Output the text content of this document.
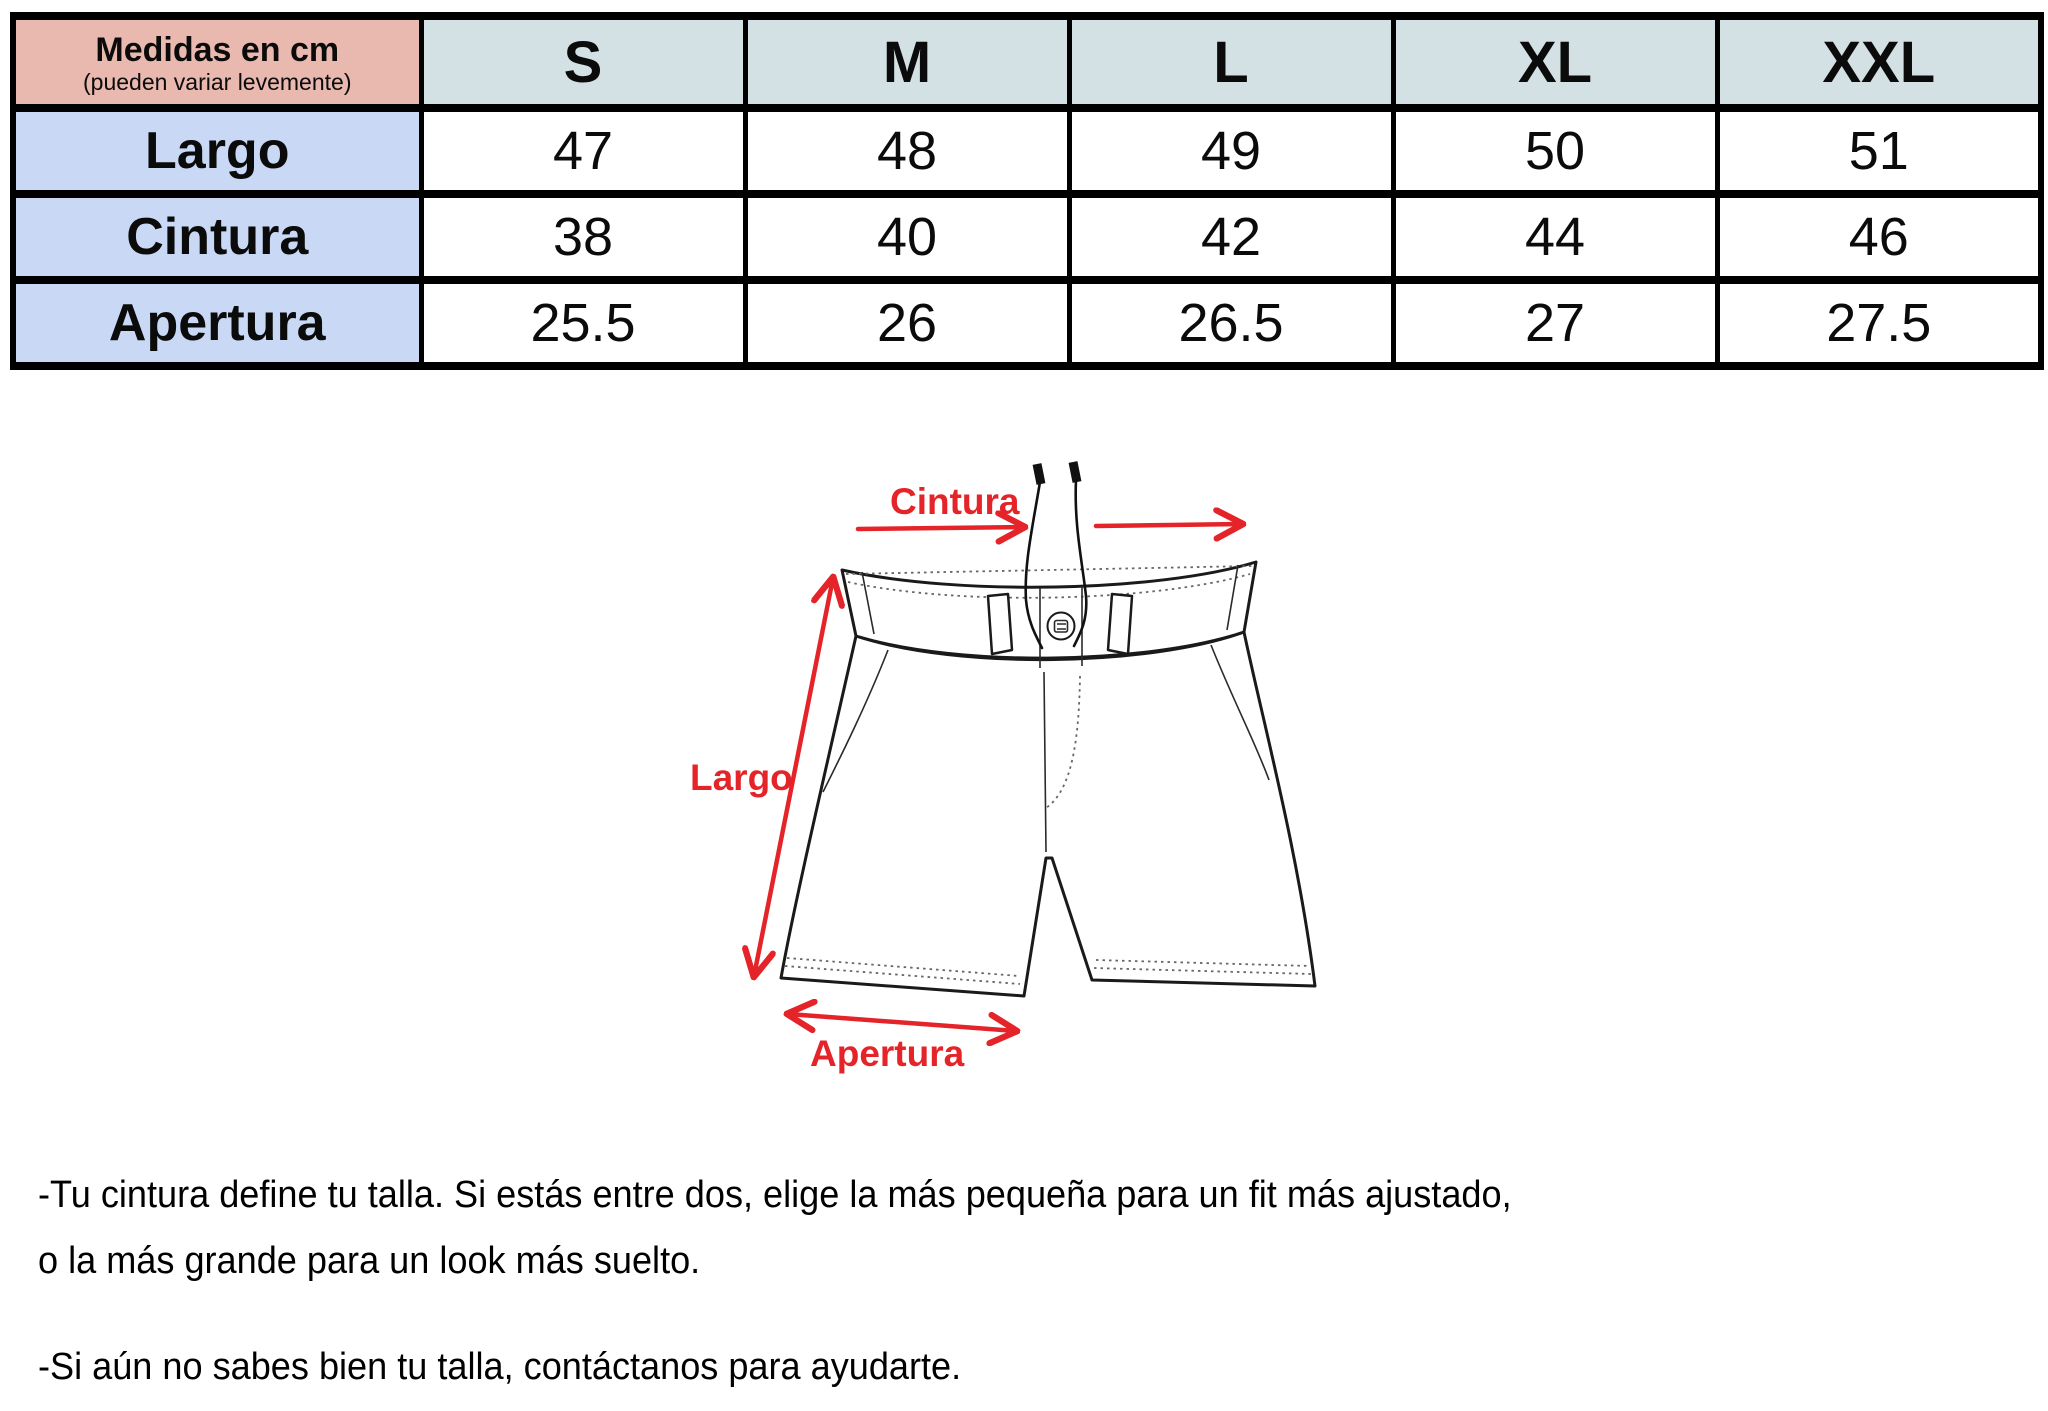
Medidas en cm
(pueden variar levemente)	S	M	L	XL	XXL
Largo	47	48	49	50	51
Cintura	38	40	42	44	46
Apertura	25.5	26	26.5	27	27.5
Cintura
Largo
Apertura
-Tu cintura define tu talla. Si estás entre dos, elige la más pequeña para un fit más ajustado,
o la más grande para un look más suelto.
-Si aún no sabes bien tu talla, contáctanos para ayudarte.
